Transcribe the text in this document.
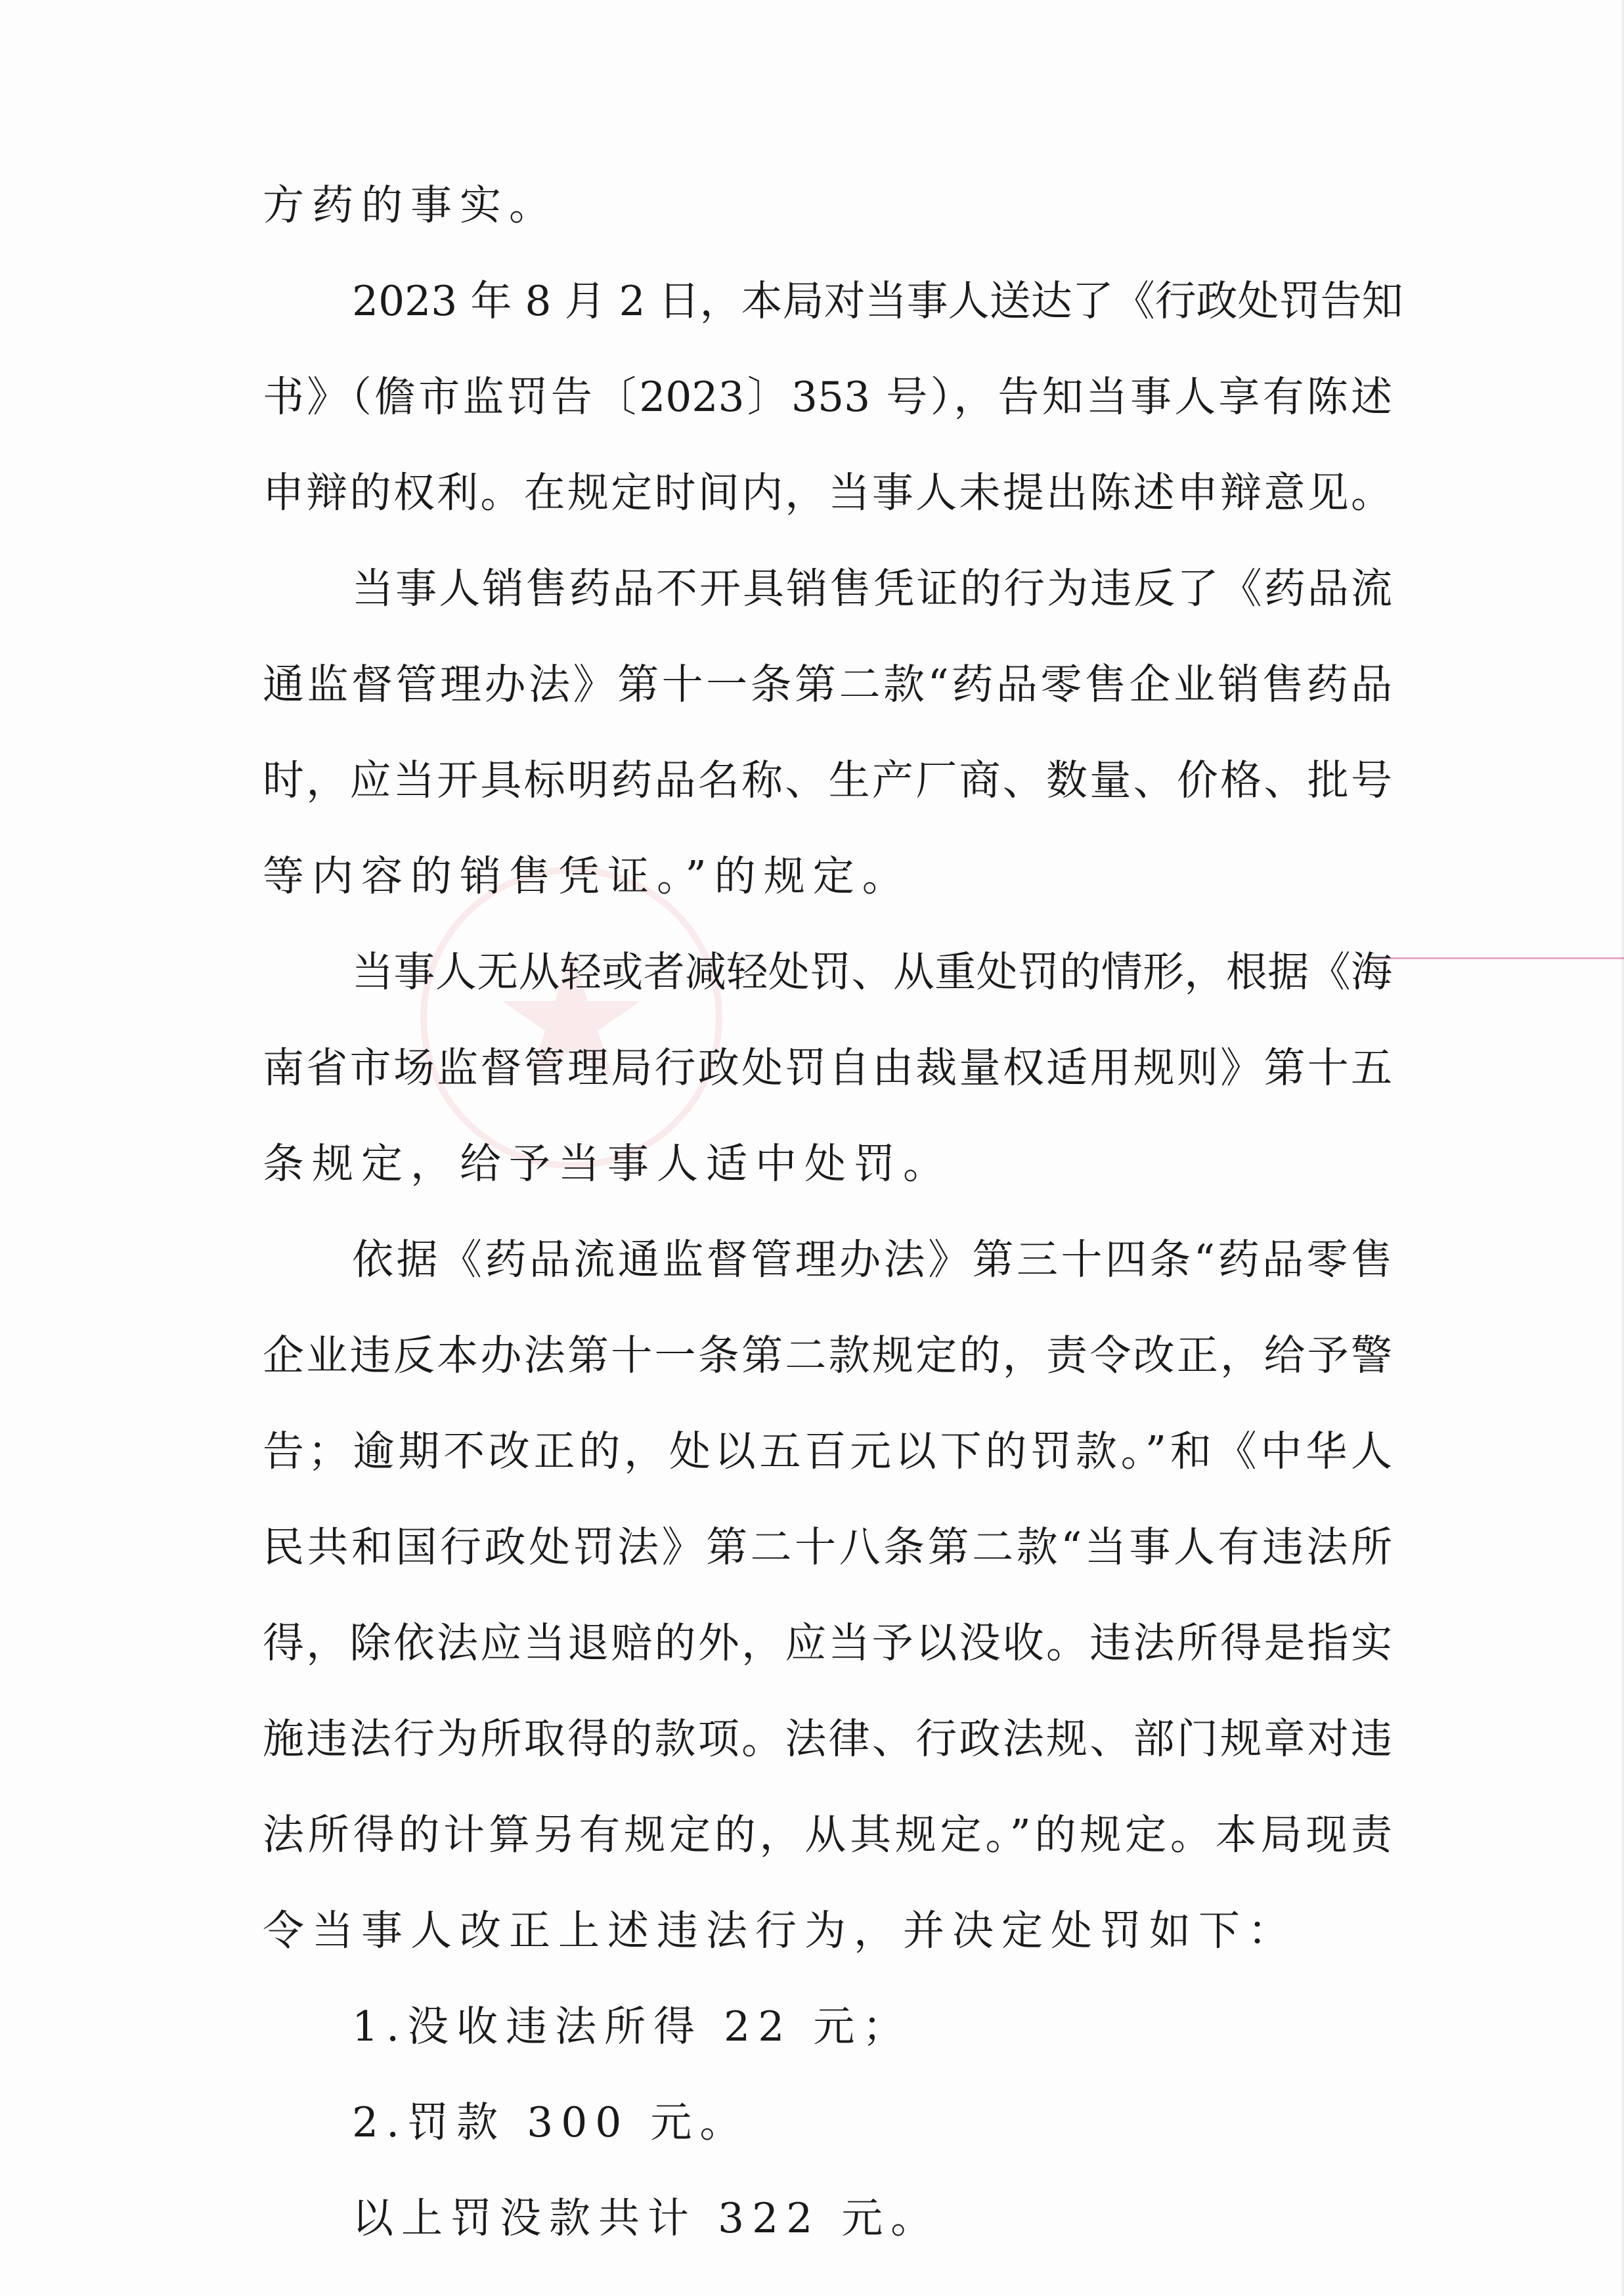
方药的事实。
2023 年 8 月 2 日，本局对当事人送达了《行政处罚告知
书》（儋市监罚告〔2023〕353 号），告知当事人享有陈述
申辩的权利。在规定时间内，当事人未提出陈述申辩意见。
当事人销售药品不开具销售凭证的行为违反了《药品流
通监督管理办法》第十一条第二款“药品零售企业销售药品
时，应当开具标明药品名称、生产厂商、数量、价格、批号
等内容的销售凭证。”的规定。
当事人无从轻或者减轻处罚、从重处罚的情形，根据《海
南省市场监督管理局行政处罚自由裁量权适用规则》第十五
条规定，给予当事人适中处罚。
依据《药品流通监督管理办法》第三十四条“药品零售
企业违反本办法第十一条第二款规定的，责令改正，给予警
告；逾期不改正的，处以五百元以下的罚款。”和《中华人
民共和国行政处罚法》第二十八条第二款“当事人有违法所
得，除依法应当退赔的外，应当予以没收。违法所得是指实
施违法行为所取得的款项。法律、行政法规、部门规章对违
法所得的计算另有规定的，从其规定。”的规定。本局现责
令当事人改正上述违法行为，并决定处罚如下：
1.没收违法所得 22 元；
2.罚款 300 元。
以上罚没款共计 322 元。
